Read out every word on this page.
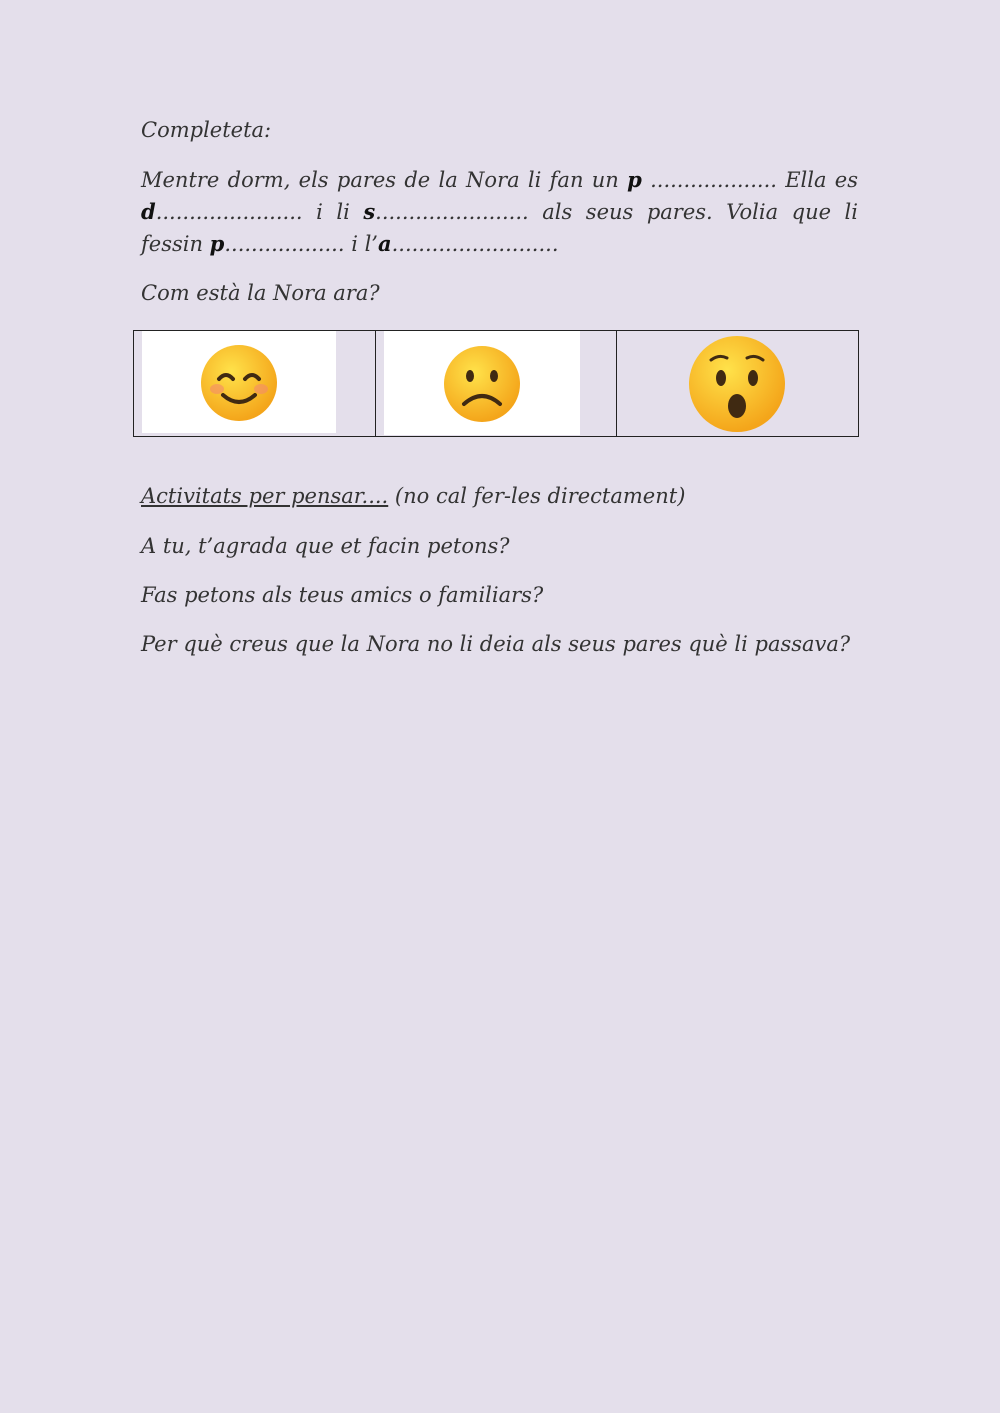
Completeta:
Mentre dorm, els pares de la Nora li fan un p ................... Ella es d...................... i li s....................... als seus pares. Volia que li fessin p.................. i l’a.........................
Com està la Nora ara?
Activitats per pensar.... (no cal fer-les directament)
A tu, t’agrada que et facin petons?
Fas petons als teus amics o familiars?
Per què creus que la Nora no li deia als seus pares què li passava?
